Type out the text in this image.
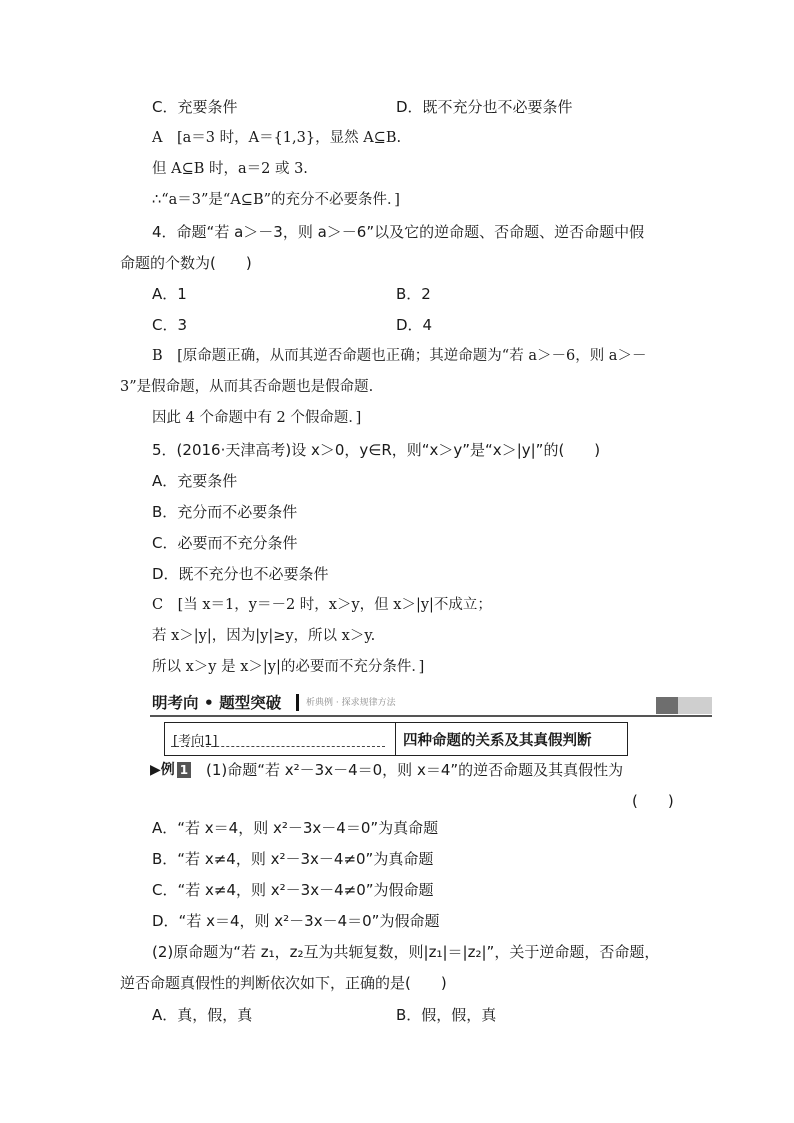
C．充要条件	D．既不充分也不必要条件
A　[a＝3 时，A＝{1,3}，显然 A⊆B.
但 A⊆B 时，a＝2 或 3.
∴“a＝3”是“A⊆B”的充分不必要条件．]
4．命题“若 a＞－3，则 a＞－6”以及它的逆命题、否命题、逆否命题中假
命题的个数为(　　)
A．1	B．2
C．3	D．4
B　[原命题正确，从而其逆否命题也正确；其逆命题为“若 a＞－6，则 a＞－
3”是假命题，从而其否命题也是假命题.
因此 4 个命题中有 2 个假命题．]
5．(2016·天津高考)设 x＞0，y∈R，则“x＞y”是“x＞|y|”的(　　)
A．充要条件
B．充分而不必要条件
C．必要而不充分条件
D．既不充分也不必要条件
C　[当 x＝1，y＝－2 时，x＞y，但 x＞|y|不成立；
若 x＞|y|，因为|y|≥y，所以 x＞y.
所以 x＞y 是 x＞|y|的必要而不充分条件．]
明考向 • 题型突破	析典例 · 探求规律方法
[考向1]	四种命题的关系及其真假判断
▶例 1 (1)命题“若 x²－3x－4＝0，则 x＝4”的逆否命题及其真假性为
(　　)
A．“若 x＝4，则 x²－3x－4＝0”为真命题
B．“若 x≠4，则 x²－3x－4≠0”为真命题
C．“若 x≠4，则 x²－3x－4≠0”为假命题
D．“若 x＝4，则 x²－3x－4＝0”为假命题
(2)原命题为“若 z₁，z₂互为共轭复数，则|z₁|＝|z₂|”，关于逆命题，否命题，
逆否命题真假性的判断依次如下，正确的是(　　)
A．真，假，真	B．假，假，真
